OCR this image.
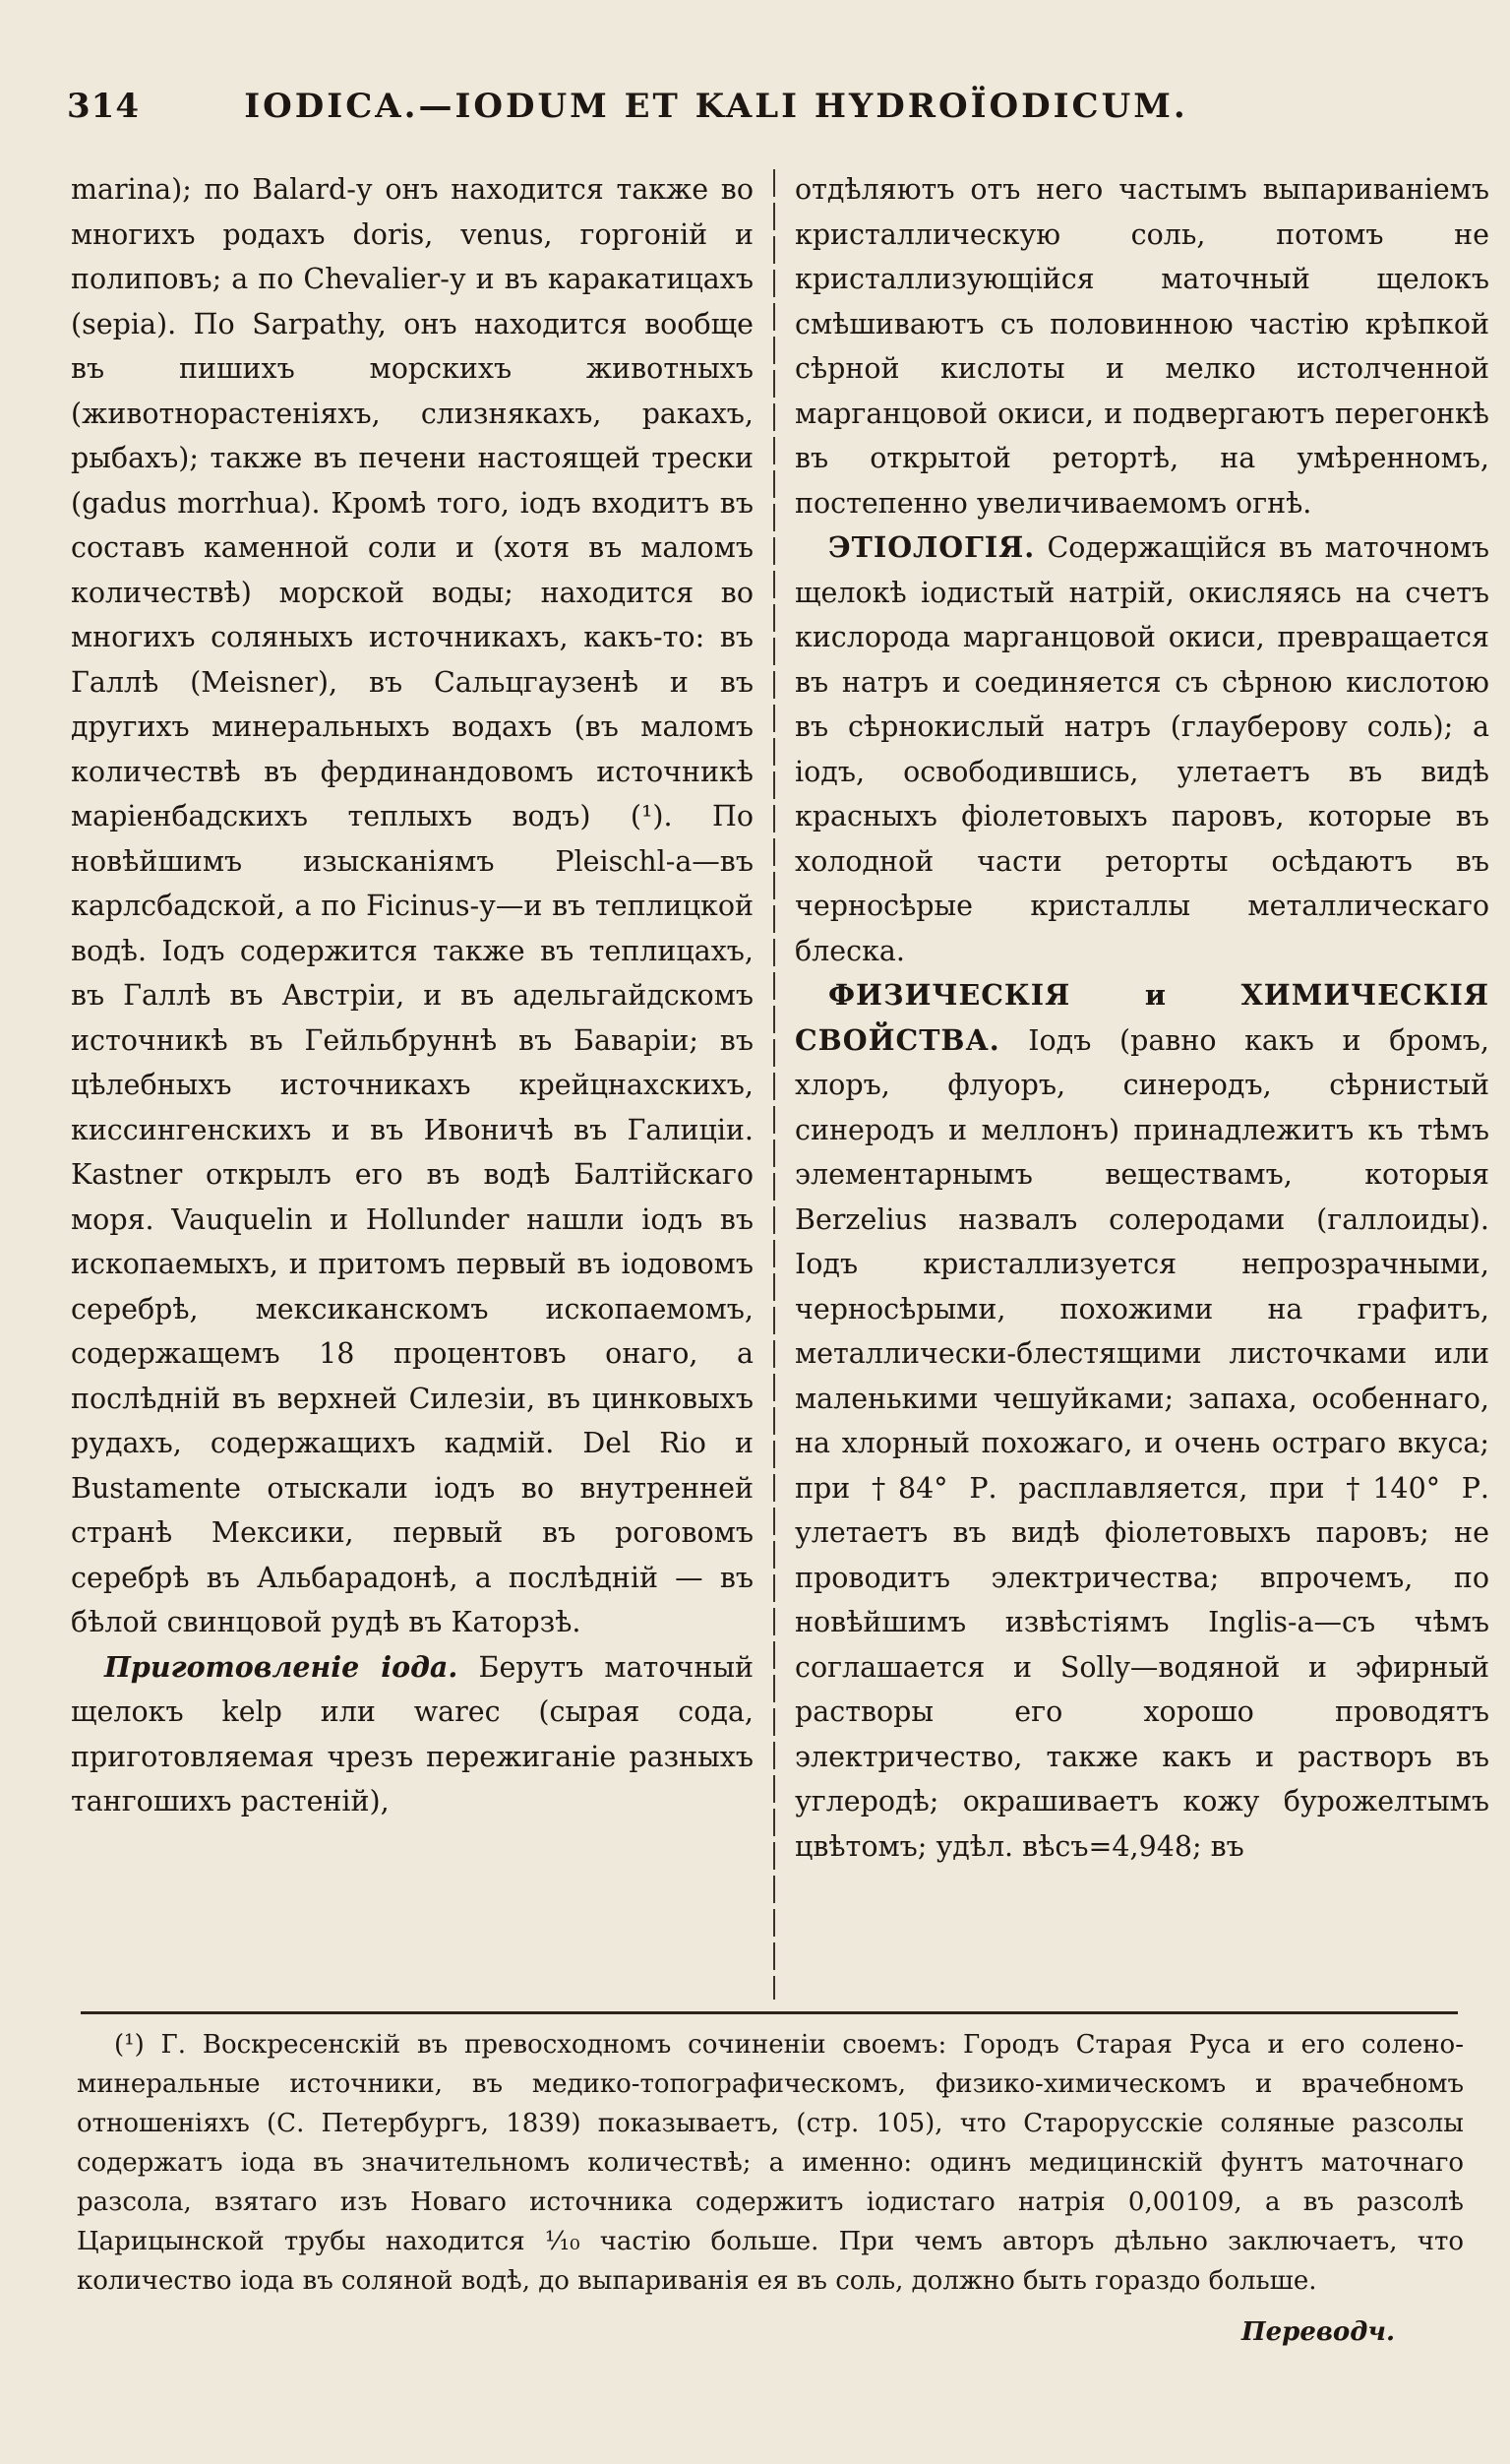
314	IODICA.—IODUM ET KALI HYDROÏODICUM.

marina); по Balard-у онъ находится также во многихъ родахъ doris, venus, горгоній и полиповъ; а по Chevalier-у и въ каракатицахъ (sepia). По Sarpathy, онъ находится вообще въ пишихъ морскихъ животныхъ (животнорастеніяхъ, слизнякахъ, ракахъ, рыбахъ); также въ печени настоящей трески (gadus morrhua). Кромѣ того, іодъ входитъ въ составъ каменной соли и (хотя въ маломъ количествѣ) морской воды; находится во многихъ соляныхъ источникахъ, какъ-то: въ Галлѣ (Meisner), въ Сальцгаузенѣ и въ другихъ минеральныхъ водахъ (въ маломъ количествѣ въ фердинандовомъ источникѣ маріенбадскихъ теплыхъ водъ) (¹). По новѣйшимъ изысканіямъ Pleischl-а—въ карлсбадской, а по Ficinus-у—и въ теплицкой водѣ. Іодъ содержится также въ теплицахъ, въ Галлѣ въ Австріи, и въ адельгайдскомъ источникѣ въ Гейльбруннѣ въ Баваріи; въ цѣлебныхъ источникахъ крейцнахскихъ, киссингенскихъ и въ Ивоничѣ въ Галиціи. Kastner открылъ его въ водѣ Балтійскаго моря. Vauquelin и Hollunder нашли іодъ въ ископаемыхъ, и притомъ первый въ іодовомъ серебрѣ, мексиканскомъ ископаемомъ, содержащемъ 18 процентовъ онаго, а послѣдній въ верхней Силезіи, въ цинковыхъ рудахъ, содержащихъ кадмій. Del Rio и Bustamente отыскали іодъ во внутренней странѣ Мексики, первый въ роговомъ серебрѣ въ Альбарадонѣ, а послѣдній — въ бѣлой свинцовой рудѣ въ Каторзѣ.

Приготовленіе іода. Берутъ маточный щелокъ kelp или warec (сырая сода, приготовляемая чрезъ пережиганіе разныхъ тангошихъ растеній),

отдѣляютъ отъ него частымъ выпариваніемъ кристаллическую соль, потомъ не кристаллизующійся маточный щелокъ смѣшиваютъ съ половинною частію крѣпкой сѣрной кислоты и мелко истолченной марганцовой окиси, и подвергаютъ перегонкѣ въ открытой ретортѣ, на умѣренномъ, постепенно увеличиваемомъ огнѣ.

ЭТІОЛОГІЯ. Содержащійся въ маточномъ щелокѣ іодистый натрій, окисляясь на счетъ кислорода марганцовой окиси, превращается въ натръ и соединяется съ сѣрною кислотою въ сѣрнокислый натръ (глауберову соль); а іодъ, освободившись, улетаетъ въ видѣ красныхъ фіолетовыхъ паровъ, которые въ холодной части реторты осѣдаютъ въ черносѣрые кристаллы металлическаго блеска.

ФИЗИЧЕСКІЯ и ХИМИЧЕСКІЯ СВОЙСТВА. Іодъ (равно какъ и бромъ, хлоръ, флуоръ, синеродъ, сѣрнистый синеродъ и меллонъ) принадлежитъ къ тѣмъ элементарнымъ веществамъ, которыя Berzelius назвалъ солеродами (галлоиды). Іодъ кристаллизуется непрозрачными, черносѣрыми, похожими на графитъ, металлически-блестящими листочками или маленькими чешуйками; запаха, особеннаго, на хлорный похожаго, и очень остраго вкуса; при †84° Р. расплавляется, при †140° Р. улетаетъ въ видѣ фіолетовыхъ паровъ; не проводитъ электричества; впрочемъ, по новѣйшимъ извѣстіямъ Inglis-а—съ чѣмъ соглашается и Solly—водяной и эфирный растворы его хорошо проводятъ электричество, также какъ и растворъ въ углеродѣ; окрашиваетъ кожу бурожелтымъ цвѣтомъ; удѣл. вѣсъ=4,948; въ

(¹) Г. Воскресенскій въ превосходномъ сочиненіи своемъ: Городъ Старая Руса и его солено-минеральные источники, въ медико-топографическомъ, физико-химическомъ и врачебномъ отношеніяхъ (С. Петербургъ, 1839) показываетъ, (стр. 105), что Старорусскіе соляные разсолы содержатъ іода въ значительномъ количествѣ; а именно: одинъ медицинскій фунтъ маточнаго разсола, взятаго изъ Новаго источника содержитъ іодистаго натрія 0,00109, а въ разсолѣ Царицынской трубы находится ¹⁄₁₀ частію больше. При чемъ авторъ дѣльно заключаетъ, что количество іода въ соляной водѣ, до выпариванія ея въ соль, должно быть гораздо больше.

Переводч.
